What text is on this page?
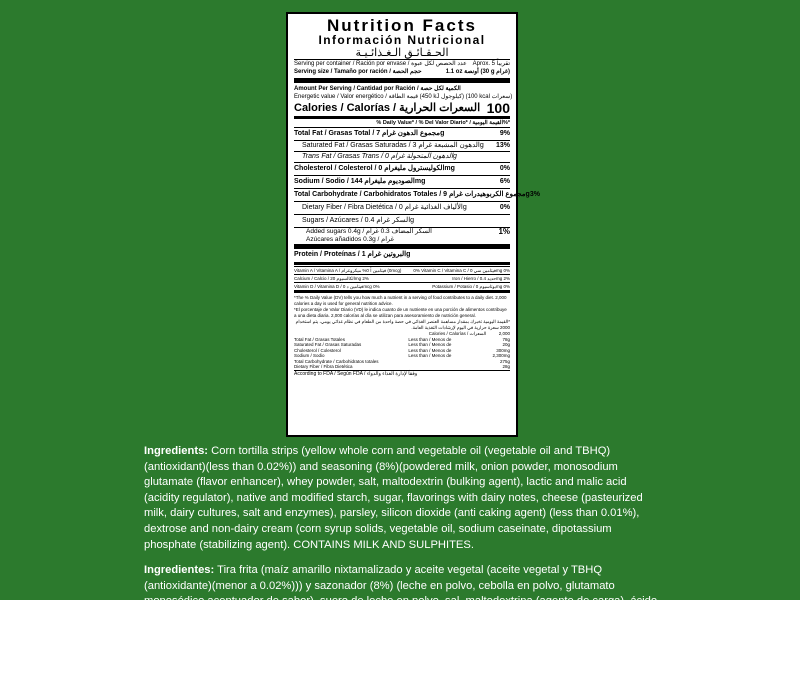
Nutrition Facts
Información Nutricional
الحـقـائـق الـغـذائـيـة
Serving per container / Ración por envase / عدد الحصص لكل عبوة Aprox. 5 تقريباً
Serving size / Tamaño por ración / حجم الحصة	1.1 oz أونصة (30 g غرام)
Amount Per Serving / Cantidad por Ración / الكمية لكل حصة
Energetic value / Valor energético / قيمة الطاقة (450 kJ كيلوجول) (100 kcal سعرات)
Calories / Calorías / السعرات الحرارية 100
% Daily Value* / % Del Valor Diario* / القيمة اليومية%*
Total Fat / Grasas Total / مجموع الدهون غرام 7g	9%
Saturated Fat / Grasas Saturadas / الدهون المشبعة غرام 3g 13%
Trans Fat / Grasas Trans / الدهون المتحولة غرام 0g
Cholesterol / Colesterol / الكوليسترول مليغرام 0mg	0%
Sodium / Sodio / الصوديوم مليغرام 144mg	6%
Total Carbohydrate / Carbohidratos Totales / مجموع الكربوهيدرات غرام 9g 3%
Dietary Fiber / Fibra Dietética / الألياف الغذائية غرام 0g	0%
Sugars / Azúcares / السكر غرام 0.4g
Added sugars 0.4g / السكر المضاف 0.3 غرام
Azúcares añadidos 0.3g / غرام
1%
Protein / Proteínas / البروتين غرام 1g
Vitamin A / Vitamina A / فيتامين أ 0% ميكروغرام (0mcg)	0% Vitamin C / Vitamina C / فيتامين سي 0mg 0%
Calcium / Calcio / الكالسيوم 20mg 2%	Iron / Hierro / حديد 0.4mg 2%
Vitamin D / Vitamina D / فيتامين د 0mcg 0%	Potassium / Potasio / بوتاسيوم 0mg 0%

*The % Daily Value (DV) tells you how much a nutrient in a serving of food contributes to a daily diet. 2,000 calories a day is used for general nutrition advice.

*El porcentaje de Valor Diario (VD) le indica cuanto de un nutriente en una porción de alimentos contribuye a una dieta diaria. 2,000 calorías al día se utilizan para asesoramiento de nutrición general.

*القيمة اليومية تخبرك بمقدار مساهمة العنصر الغذائي في حصة واحدة من الطعام في نظام غذائي يومي، يتم استخدام 2000 سعرة حرارية في اليوم لإرشادات التغذية العامة.

	Calories / Calorías / السعرات	2,000
Total Fat / Grasas Totales	Less than / Menos de	78g
Saturated Fat / Grasas Saturadas	Less than / Menos de	20g
Cholesterol / Colesterol	Less than / Menos de	300mg
Sodium / Sodio	Less than / Menos de	2,300mg
Total Carbohydrate / Carbohidratos totales		275g
Dietary Fiber / Fibra Dietética		28g
According to FDA / Según FDA / وفقاً لإدارة الغذاء والدواء

Ingredients: Corn tortilla strips (yellow whole corn and vegetable oil (vegetable oil and TBHQ) (antioxidant)(less than 0.02%)) and seasoning (8%)(powdered milk, onion powder, monosodium glutamate (flavor enhancer), whey powder, salt, maltodextrin (bulking agent), lactic and malic acid (acidity regulator), native and modified starch, sugar, flavorings with dairy notes, cheese (pasteurized milk, dairy cultures, salt and enzymes), parsley, silicon dioxide (anti caking agent) (less than 0.01%), dextrose and non-dairy cream (corn syrup solids, vegetable oil, sodium caseinate, dipotassium phosphate (stabilizing agent). CONTAINS MILK AND SULPHITES.

Ingredientes: Tira frita (maíz amarillo nixtamalizado y aceite vegetal (aceite vegetal y TBHQ (antioxidante)(menor a 0.02%))) y sazonador (8%) (leche en polvo, cebolla en polvo, glutamato monosódico acentuador de sabor), suero de leche en polvo, sal, maltodextrina (agente de carga), ácido láctico y ácido málico (reguladores de acidez), almidón nativo y modificado, azúcar, saborizantes con perfiles lácteos, queso(leche pasteurizada, cultivos lácteos, sal y enzimas), perejil, dióxido de silicio (anti aglutinante) (menor a 0.01%), dextrosa y crema no láctea (sólidos de jarabe de maíz, aceite vegetal, caseinato de sodio, fosfato dipotásico (agente estabilizante). CONTIENE INGREDIENTES DE LECHE Y SULFITOS.
